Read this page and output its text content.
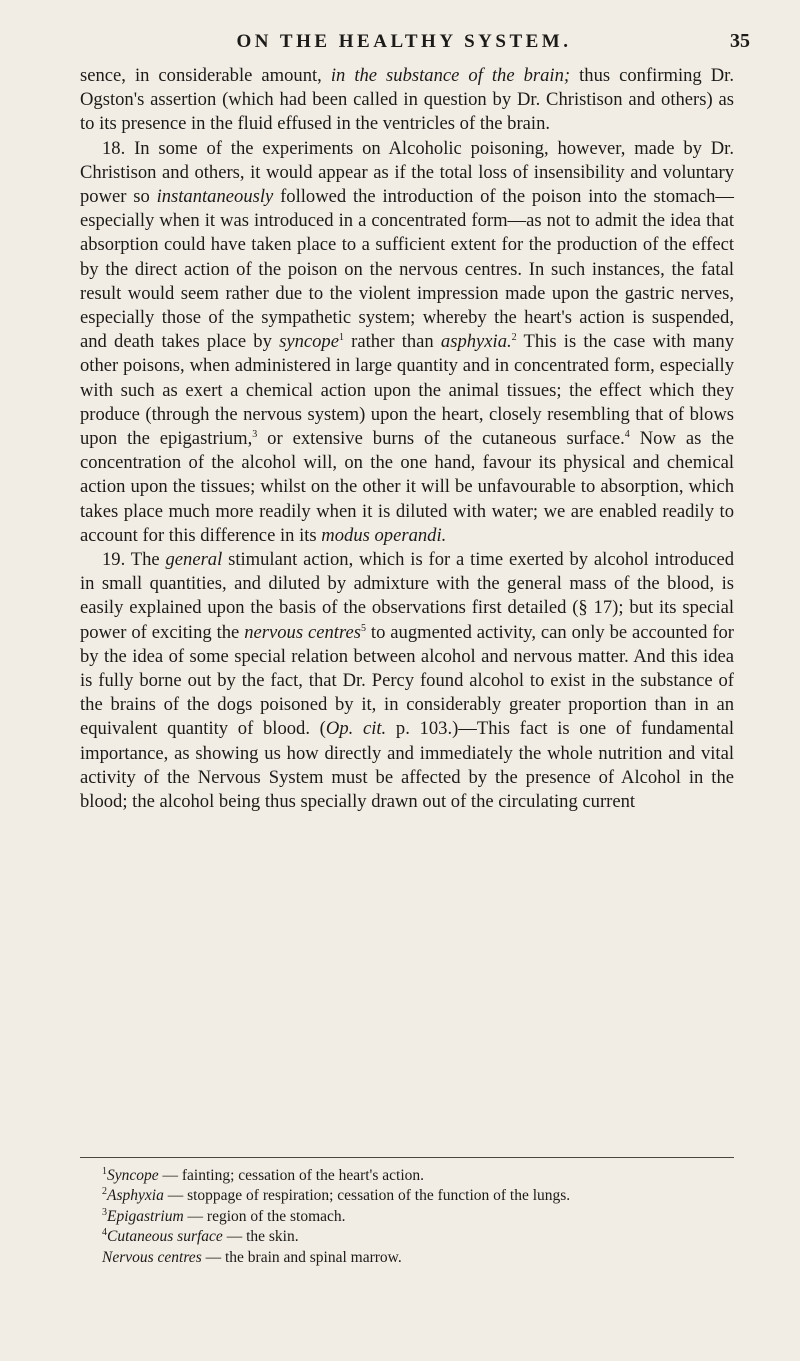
ON THE HEALTHY SYSTEM.	35

sence, in considerable amount, in the substance of the brain; thus confirming Dr. Ogston's assertion (which had been called in question by Dr. Christison and others) as to its presence in the fluid effused in the ventricles of the brain.

18. In some of the experiments on Alcoholic poisoning, however, made by Dr. Christison and others, it would appear as if the total loss of insensibility and voluntary power so instantaneously followed the introduction of the poison into the stomach—especially when it was introduced in a concentrated form—as not to admit the idea that absorption could have taken place to a sufficient extent for the production of the effect by the direct action of the poison on the nervous centres. In such instances, the fatal result would seem rather due to the violent impression made upon the gastric nerves, especially those of the sympathetic system; whereby the heart's action is suspended, and death takes place by syncope$^1$ rather than asphyxia.$^2$ This is the case with many other poisons, when administered in large quantity and in concentrated form, especially with such as exert a chemical action upon the animal tissues; the effect which they produce (through the nervous system) upon the heart, closely resembling that of blows upon the epigastrium,$^3$ or extensive burns of the cutaneous surface.$^4$ Now as the concentration of the alcohol will, on the one hand, favour its physical and chemical action upon the tissues; whilst on the other it will be unfavourable to absorption, which takes place much more readily when it is diluted with water; we are enabled readily to account for this difference in its modus operandi.

19. The general stimulant action, which is for a time exerted by alcohol introduced in small quantities, and diluted by admixture with the general mass of the blood, is easily explained upon the basis of the observations first detailed (§ 17); but its special power of exciting the nervous centres$^5$ to augmented activity, can only be accounted for by the idea of some special relation between alcohol and nervous matter. And this idea is fully borne out by the fact, that Dr. Percy found alcohol to exist in the substance of the brains of the dogs poisoned by it, in considerably greater proportion than in an equivalent quantity of blood. (Op. cit. p. 103.)—This fact is one of fundamental importance, as showing us how directly and immediately the whole nutrition and vital activity of the Nervous System must be affected by the presence of Alcohol in the blood; the alcohol being thus specially drawn out of the circulating current

$^1$Syncope — fainting; cessation of the heart's action.
$^2$Asphyxia — stoppage of respiration; cessation of the function of the lungs.
$^3$Epigastrium — region of the stomach.
$^4$Cutaneous surface — the skin.
Nervous centres — the brain and spinal marrow.
